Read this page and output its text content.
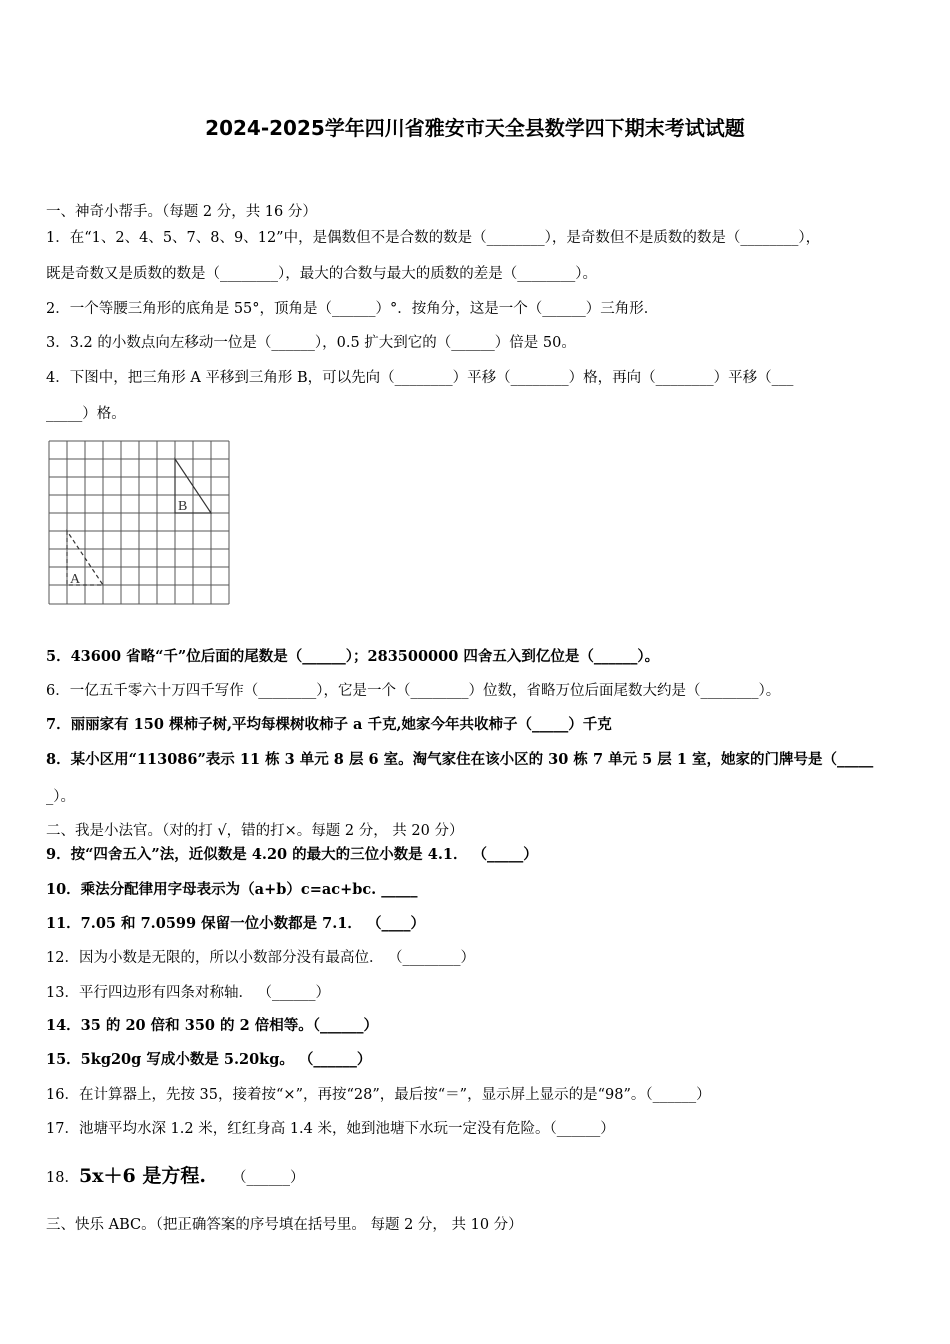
2024-2025学年四川省雅安市天全县数学四下期末考试试题
一、神奇小帮手。（每题 2 分，共 16 分）
1．在“1、2、4、5、7、8、9、12”中，是偶数但不是合数的数是（________），是奇数但不是质数的数是（________），
既是奇数又是质数的数是（________），最大的合数与最大的质数的差是（________）。
2．一个等腰三角形的底角是 55°，顶角是（______）°．按角分，这是一个（______）三角形．
3．3.2 的小数点向左移动一位是（______），0.5 扩大到它的（______）倍是 50。
4．下图中，把三角形 A 平移到三角形 B，可以先向（________）平移（________）格，再向（________）平移（___
_____）格。
A
B
5．43600 省略“千”位后面的尾数是（______）；283500000 四舍五入到亿位是（______）。
6．一亿五千零六十万四千写作（________），它是一个（________）位数，省略万位后面尾数大约是（________）。
7．丽丽家有 150 棵柿子树,平均每棵树收柿子 a 千克,她家今年共收柿子（_____）千克
8．某小区用“113086”表示 11 栋 3 单元 8 层 6 室。淘气家住在该小区的 30 栋 7 单元 5 层 1 室，她家的门牌号是（_____
_）。
二、我是小法官。（对的打 √，错的打×。每题 2 分， 共 20 分）
9．按“四舍五入”法，近似数是 4.20 的最大的三位小数是 4.1． （_____）
10．乘法分配律用字母表示为（a+b）c=ac+bc. _____
11．7.05 和 7.0599 保留一位小数都是 7.1． （____）
12．因为小数是无限的，所以小数部分没有最高位． （________）
13．平行四边形有四条对称轴． （______）
14．35 的 20 倍和 350 的 2 倍相等。（______）
15．5kg20g 写成小数是 5.20kg。 （______）
16．在计算器上，先按 35，接着按“×”，再按“28”，最后按“＝”，显示屏上显示的是“98”。（______）
17．池塘平均水深 1.2 米，红红身高 1.4 米，她到池塘下水玩一定没有危险。（______）
18．5x＋6 是方程. （______）
三、快乐 ABC。（把正确答案的序号填在括号里。 每题 2 分， 共 10 分）
